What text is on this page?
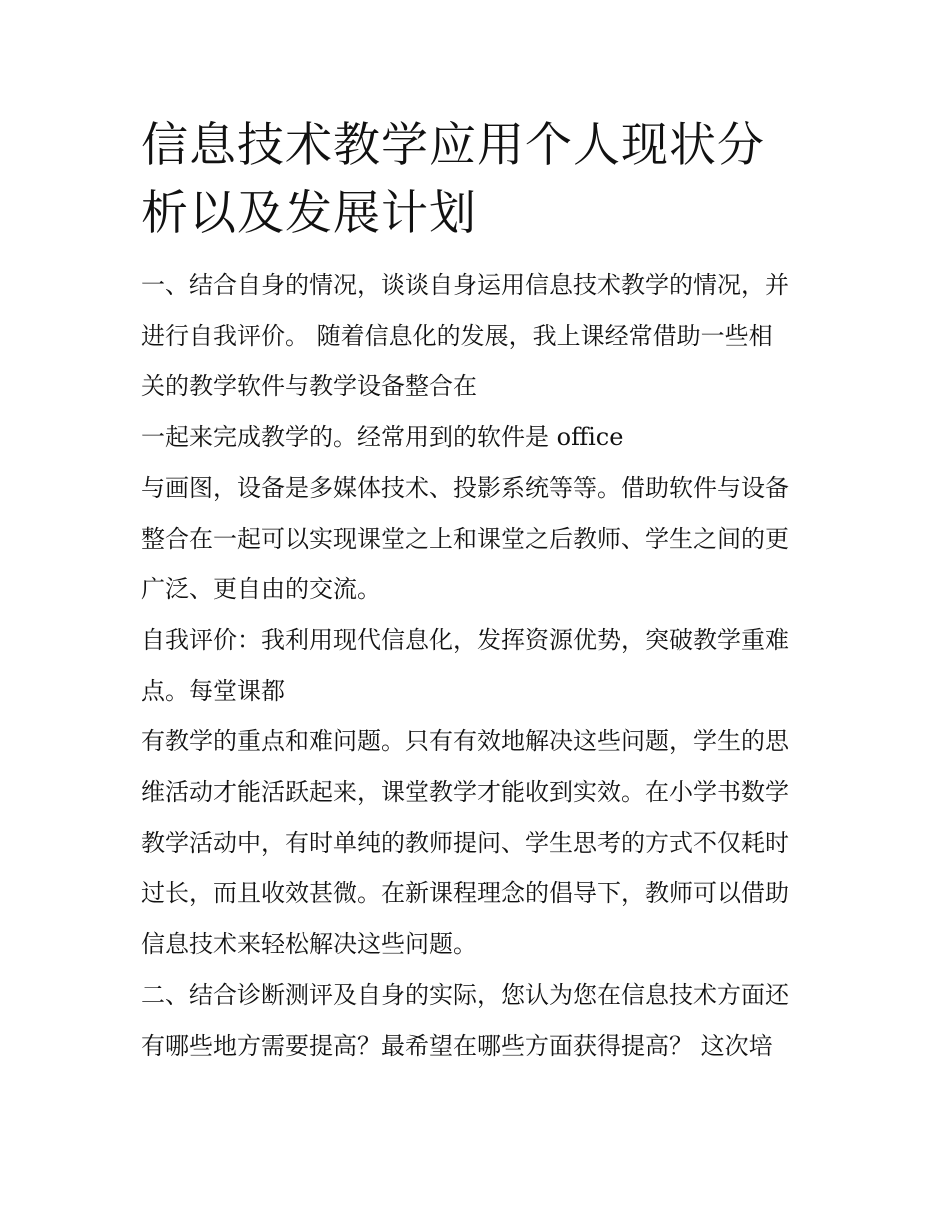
信息技术教学应用个人现状分
析以及发展计划

一、结合自身的情况，谈谈自身运用信息技术教学的情况，并
进行自我评价。 随着信息化的发展，我上课经常借助一些相
关的教学软件与教学设备整合在

一起来完成教学的。经常用到的软件是 office

与画图，设备是多媒体技术、投影系统等等。借助软件与设备
整合在一起可以实现课堂之上和课堂之后教师、学生之间的更
广泛、更自由的交流。

自我评价：我利用现代信息化，发挥资源优势，突破教学重难
点。每堂课都

有教学的重点和难问题。只有有效地解决这些问题，学生的思
维活动才能活跃起来，课堂教学才能收到实效。在小学书数学
教学活动中，有时单纯的教师提问、学生思考的方式不仅耗时
过长，而且收效甚微。在新课程理念的倡导下，教师可以借助
信息技术来轻松解决这些问题。

二、结合诊断测评及自身的实际，您认为您在信息技术方面还
有哪些地方需要提高？最希望在哪些方面获得提高？ 这次培
